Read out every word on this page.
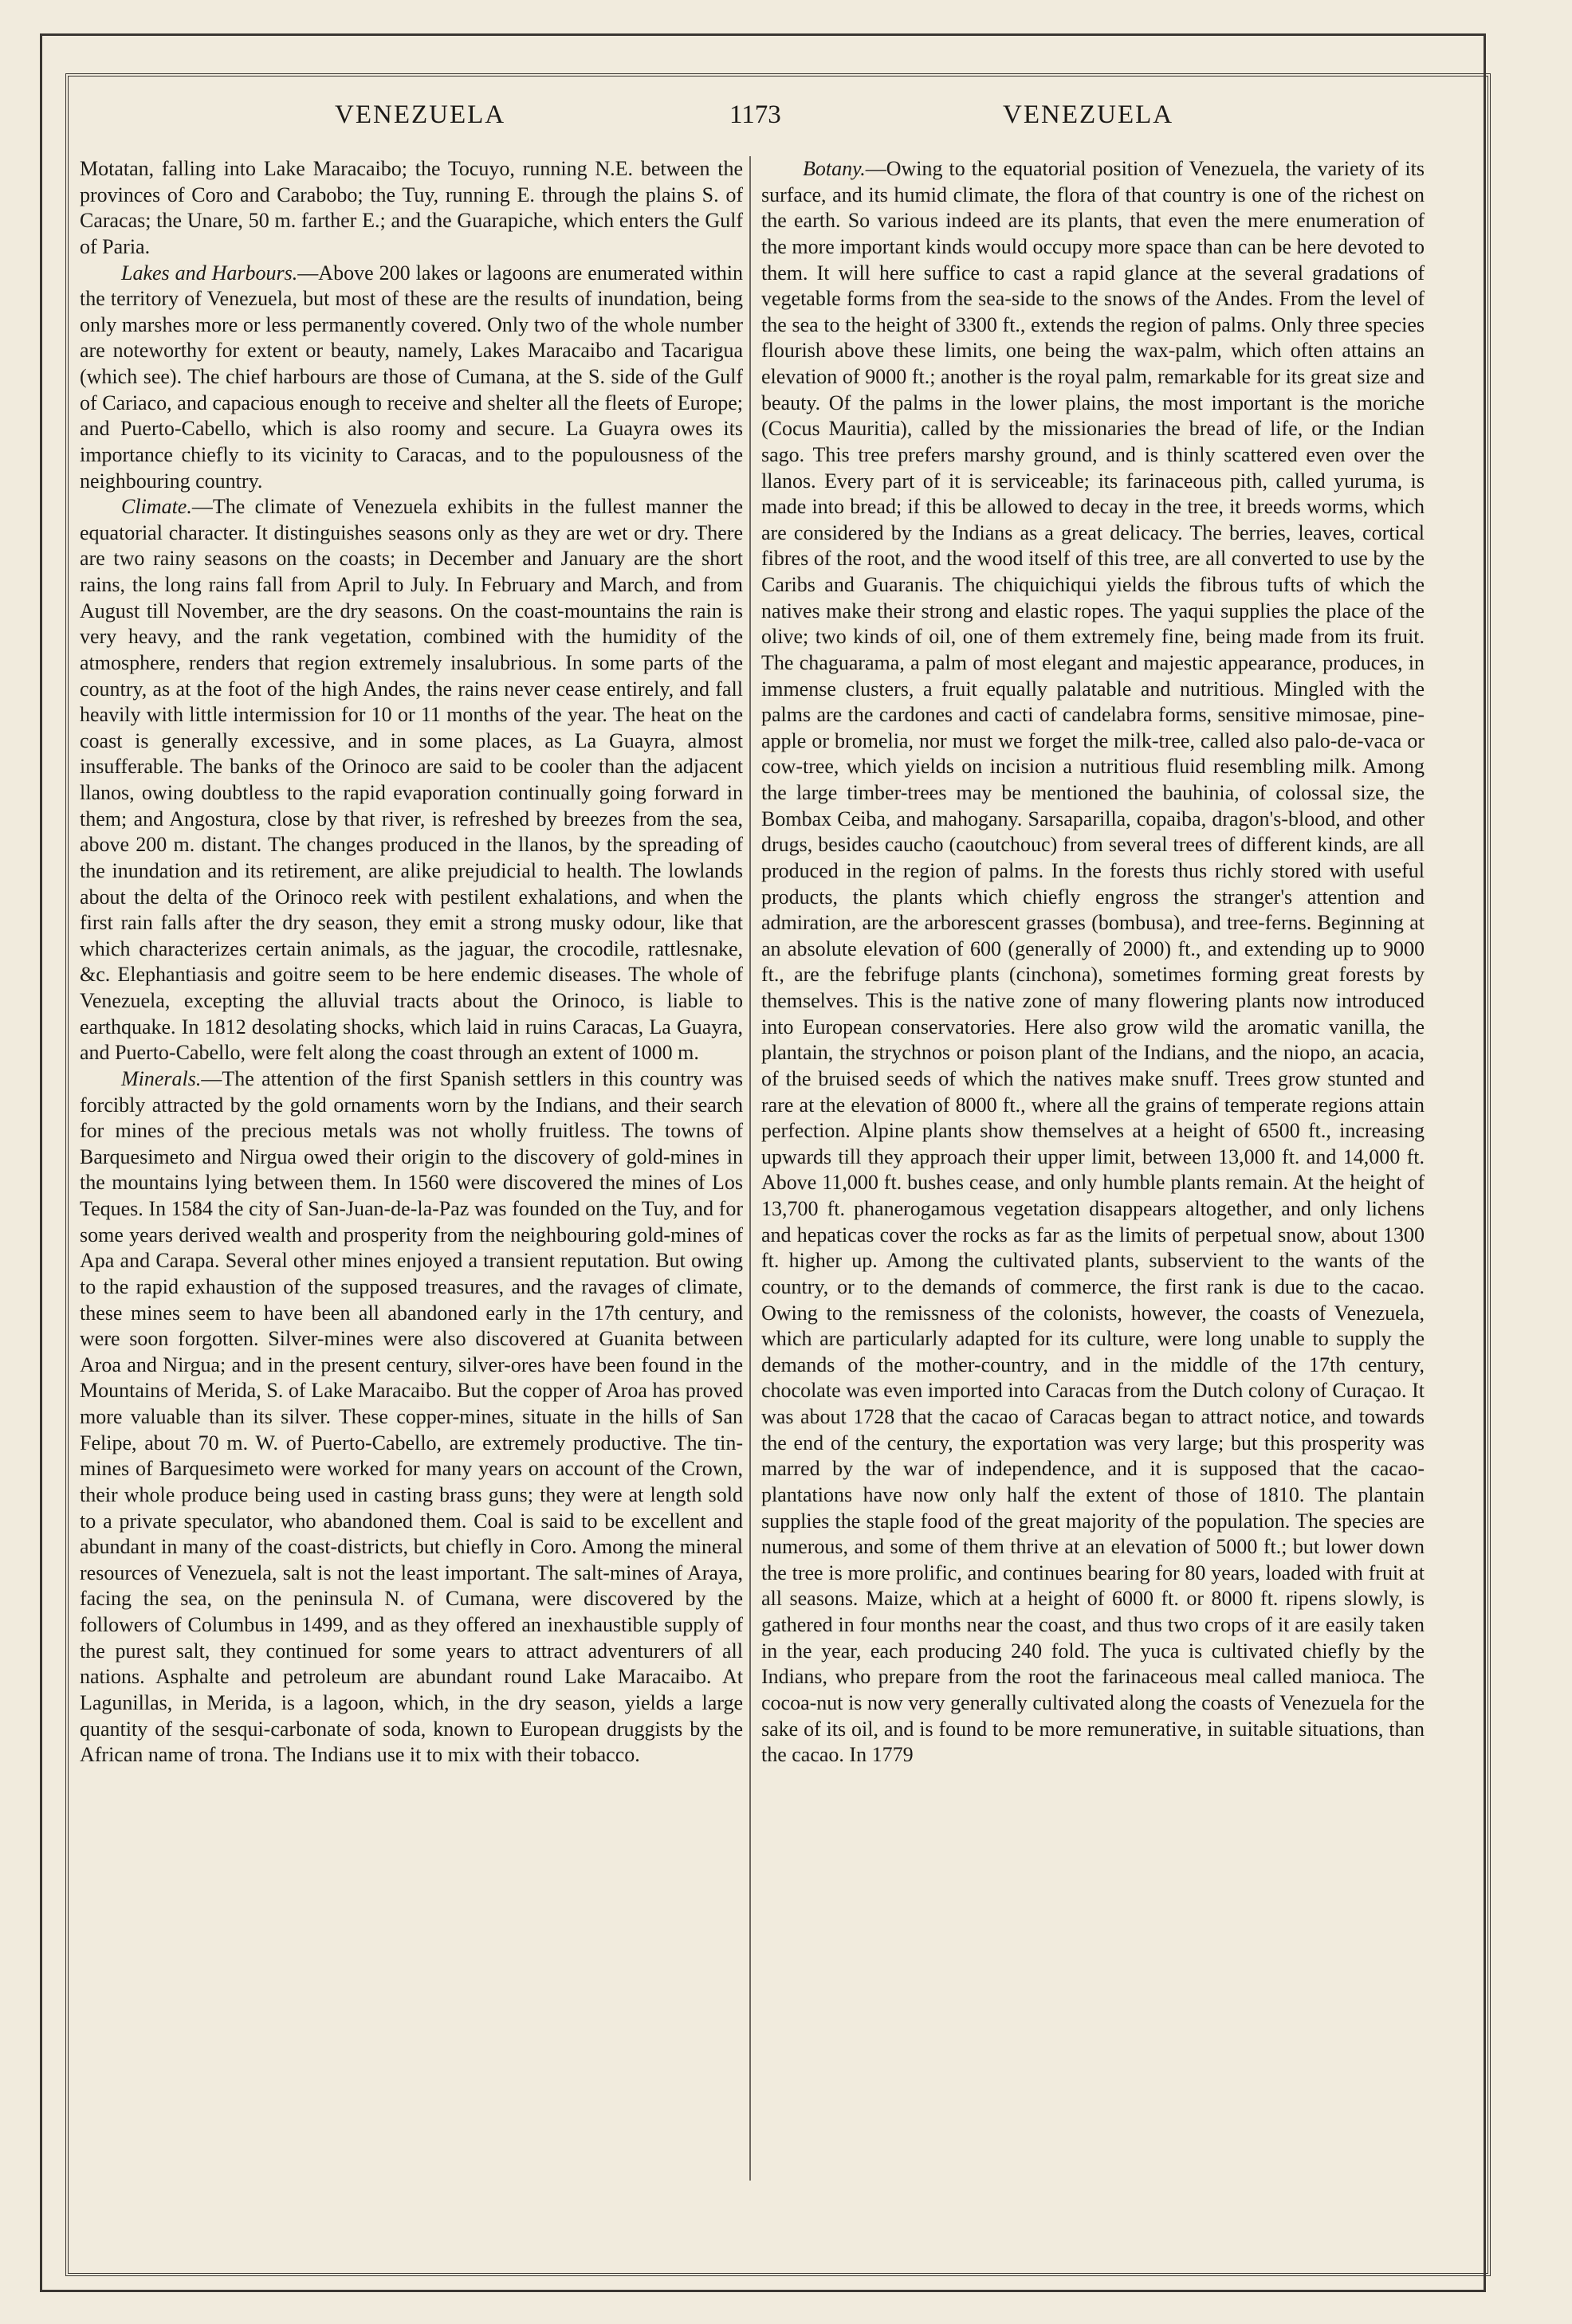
VENEZUELA	1173	VENEZUELA

Motatan, falling into Lake Maracaibo; the Tocuyo, running N.E. between the provinces of Coro and Carabobo; the Tuy, running E. through the plains S. of Caracas; the Unare, 50 m. farther E.; and the Guarapiche, which enters the Gulf of Paria.

Lakes and Harbours.—Above 200 lakes or lagoons are enumerated within the territory of Venezuela, but most of these are the results of inundation, being only marshes more or less permanently covered. Only two of the whole number are noteworthy for extent or beauty, namely, Lakes Maracaibo and Tacarigua (which see). The chief harbours are those of Cumana, at the S. side of the Gulf of Cariaco, and capacious enough to receive and shelter all the fleets of Europe; and Puerto-Cabello, which is also roomy and secure. La Guayra owes its importance chiefly to its vicinity to Caracas, and to the populousness of the neighbouring country.

Climate.—The climate of Venezuela exhibits in the fullest manner the equatorial character. It distinguishes seasons only as they are wet or dry. There are two rainy seasons on the coasts; in December and January are the short rains, the long rains fall from April to July. In February and March, and from August till November, are the dry seasons. On the coast-mountains the rain is very heavy, and the rank vegetation, combined with the humidity of the atmosphere, renders that region extremely insalubrious. In some parts of the country, as at the foot of the high Andes, the rains never cease entirely, and fall heavily with little intermission for 10 or 11 months of the year. The heat on the coast is generally excessive, and in some places, as La Guayra, almost insufferable. The banks of the Orinoco are said to be cooler than the adjacent llanos, owing doubtless to the rapid evaporation continually going forward in them; and Angostura, close by that river, is refreshed by breezes from the sea, above 200 m. distant. The changes produced in the llanos, by the spreading of the inundation and its retirement, are alike prejudicial to health. The lowlands about the delta of the Orinoco reek with pestilent exhalations, and when the first rain falls after the dry season, they emit a strong musky odour, like that which characterizes certain animals, as the jaguar, the crocodile, rattlesnake, &c. Elephantiasis and goitre seem to be here endemic diseases. The whole of Venezuela, excepting the alluvial tracts about the Orinoco, is liable to earthquake. In 1812 desolating shocks, which laid in ruins Caracas, La Guayra, and Puerto-Cabello, were felt along the coast through an extent of 1000 m.

Minerals.—The attention of the first Spanish settlers in this country was forcibly attracted by the gold ornaments worn by the Indians, and their search for mines of the precious metals was not wholly fruitless. The towns of Barquesimeto and Nirgua owed their origin to the discovery of gold-mines in the mountains lying between them. In 1560 were discovered the mines of Los Teques. In 1584 the city of San-Juan-de-la-Paz was founded on the Tuy, and for some years derived wealth and prosperity from the neighbouring gold-mines of Apa and Carapa. Several other mines enjoyed a transient reputation. But owing to the rapid exhaustion of the supposed treasures, and the ravages of climate, these mines seem to have been all abandoned early in the 17th century, and were soon forgotten. Silver-mines were also discovered at Guanita between Aroa and Nirgua; and in the present century, silver-ores have been found in the Mountains of Merida, S. of Lake Maracaibo. But the copper of Aroa has proved more valuable than its silver. These copper-mines, situate in the hills of San Felipe, about 70 m. W. of Puerto-Cabello, are extremely productive. The tin-mines of Barquesimeto were worked for many years on account of the Crown, their whole produce being used in casting brass guns; they were at length sold to a private speculator, who abandoned them. Coal is said to be excellent and abundant in many of the coast-districts, but chiefly in Coro. Among the mineral resources of Venezuela, salt is not the least important. The salt-mines of Araya, facing the sea, on the peninsula N. of Cumana, were discovered by the followers of Columbus in 1499, and as they offered an inexhaustible supply of the purest salt, they continued for some years to attract adventurers of all nations. Asphalte and petroleum are abundant round Lake Maracaibo. At Lagunillas, in Merida, is a lagoon, which, in the dry season, yields a large quantity of the sesqui-carbonate of soda, known to European druggists by the African name of trona. The Indians use it to mix with their tobacco.

Botany.—Owing to the equatorial position of Venezuela, the variety of its surface, and its humid climate, the flora of that country is one of the richest on the earth. So various indeed are its plants, that even the mere enumeration of the more important kinds would occupy more space than can be here devoted to them. It will here suffice to cast a rapid glance at the several gradations of vegetable forms from the sea-side to the snows of the Andes. From the level of the sea to the height of 3300 ft., extends the region of palms. Only three species flourish above these limits, one being the wax-palm, which often attains an elevation of 9000 ft.; another is the royal palm, remarkable for its great size and beauty. Of the palms in the lower plains, the most important is the moriche (Cocus Mauritia), called by the missionaries the bread of life, or the Indian sago. This tree prefers marshy ground, and is thinly scattered even over the llanos. Every part of it is serviceable; its farinaceous pith, called yuruma, is made into bread; if this be allowed to decay in the tree, it breeds worms, which are considered by the Indians as a great delicacy. The berries, leaves, cortical fibres of the root, and the wood itself of this tree, are all converted to use by the Caribs and Guaranis. The chiquichiqui yields the fibrous tufts of which the natives make their strong and elastic ropes. The yaqui supplies the place of the olive; two kinds of oil, one of them extremely fine, being made from its fruit. The chaguarama, a palm of most elegant and majestic appearance, produces, in immense clusters, a fruit equally palatable and nutritious. Mingled with the palms are the cardones and cacti of candelabra forms, sensitive mimosae, pine-apple or bromelia, nor must we forget the milk-tree, called also palo-de-vaca or cow-tree, which yields on incision a nutritious fluid resembling milk. Among the large timber-trees may be mentioned the bauhinia, of colossal size, the Bombax Ceiba, and mahogany. Sarsaparilla, copaiba, dragon's-blood, and other drugs, besides caucho (caoutchouc) from several trees of different kinds, are all produced in the region of palms. In the forests thus richly stored with useful products, the plants which chiefly engross the stranger's attention and admiration, are the arborescent grasses (bombusa), and tree-ferns. Beginning at an absolute elevation of 600 (generally of 2000) ft., and extending up to 9000 ft., are the febrifuge plants (cinchona), sometimes forming great forests by themselves. This is the native zone of many flowering plants now introduced into European conservatories. Here also grow wild the aromatic vanilla, the plantain, the strychnos or poison plant of the Indians, and the niopo, an acacia, of the bruised seeds of which the natives make snuff. Trees grow stunted and rare at the elevation of 8000 ft., where all the grains of temperate regions attain perfection. Alpine plants show themselves at a height of 6500 ft., increasing upwards till they approach their upper limit, between 13,000 ft. and 14,000 ft. Above 11,000 ft. bushes cease, and only humble plants remain. At the height of 13,700 ft. phanerogamous vegetation disappears altogether, and only lichens and hepaticas cover the rocks as far as the limits of perpetual snow, about 1300 ft. higher up. Among the cultivated plants, subservient to the wants of the country, or to the demands of commerce, the first rank is due to the cacao. Owing to the remissness of the colonists, however, the coasts of Venezuela, which are particularly adapted for its culture, were long unable to supply the demands of the mother-country, and in the middle of the 17th century, chocolate was even imported into Caracas from the Dutch colony of Curaçao. It was about 1728 that the cacao of Caracas began to attract notice, and towards the end of the century, the exportation was very large; but this prosperity was marred by the war of independence, and it is supposed that the cacao-plantations have now only half the extent of those of 1810. The plantain supplies the staple food of the great majority of the population. The species are numerous, and some of them thrive at an elevation of 5000 ft.; but lower down the tree is more prolific, and continues bearing for 80 years, loaded with fruit at all seasons. Maize, which at a height of 6000 ft. or 8000 ft. ripens slowly, is gathered in four months near the coast, and thus two crops of it are easily taken in the year, each producing 240 fold. The yuca is cultivated chiefly by the Indians, who prepare from the root the farinaceous meal called manioca. The cocoa-nut is now very generally cultivated along the coasts of Venezuela for the sake of its oil, and is found to be more remunerative, in suitable situations, than the cacao. In 1779
